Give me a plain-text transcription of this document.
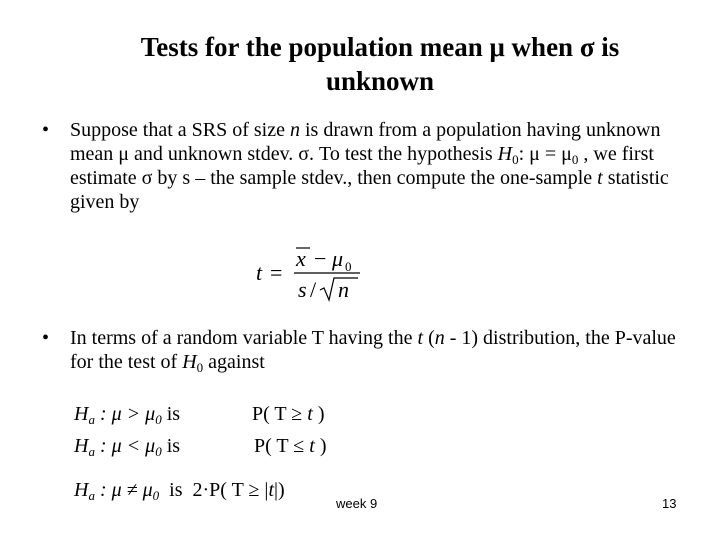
Tests for the population mean μ when σ is
unknown
• Suppose that a SRS of size n is drawn from a population having unknown mean μ and unknown stdev. σ. To test the hypothesis $H_0$: $\mu = \mu_0$ , we first estimate σ by s – the sample stdev., then compute the one-sample t statistic given by
t =
x − μ 0
s / n
• In terms of a random variable T having the t (n - 1) distribution, the P-value for the test of $H_0$ against
$H_a$ : $\mu > \mu_0$ is	P( T ≥ t )
$H_a$ : $\mu < \mu_0$ is	P( T ≤ t )
$H_a$ : $\mu \ne \mu_0$  is  2·P( T ≥ |t|)
week 9	13
